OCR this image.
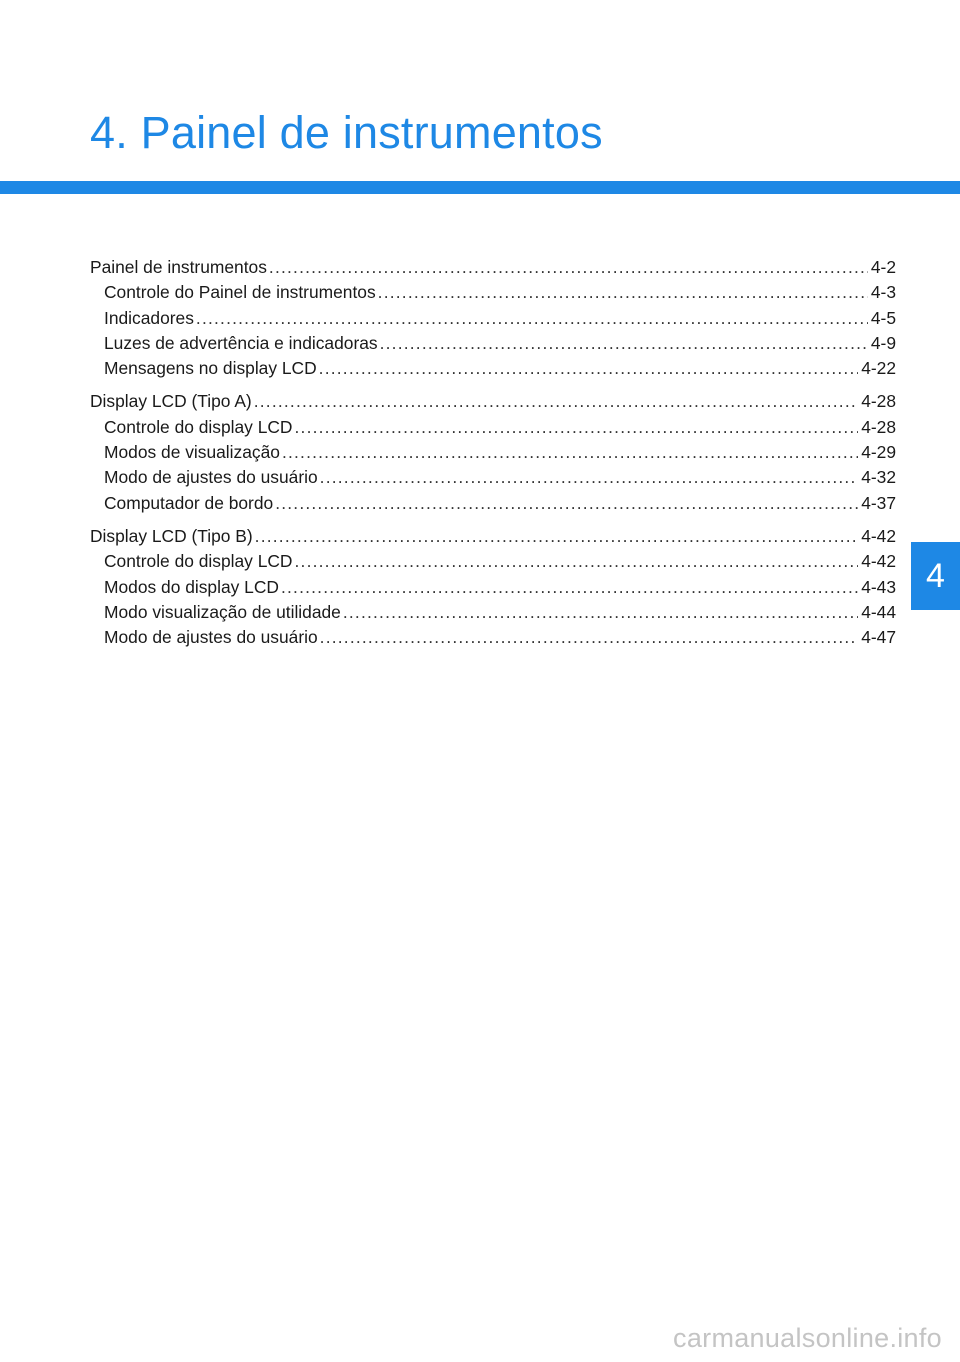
4. Painel de instrumentos
Painel de instrumentos .....	4-2
Controle do Painel de instrumentos .....	4-3
Indicadores .....	4-5
Luzes de advertência e indicadoras .....	4-9
Mensagens no display LCD .....	4-22
Display LCD (Tipo A) .....	4-28
Controle do display LCD .....	4-28
Modos de visualização .....	4-29
Modo de ajustes do usuário .....	4-32
Computador de bordo .....	4-37
Display LCD (Tipo B) .....	4-42
Controle do display LCD .....	4-42
Modos do display LCD .....	4-43
Modo visualização de utilidade .....	4-44
Modo de ajustes do usuário .....	4-47
4
carmanualsonline.info
